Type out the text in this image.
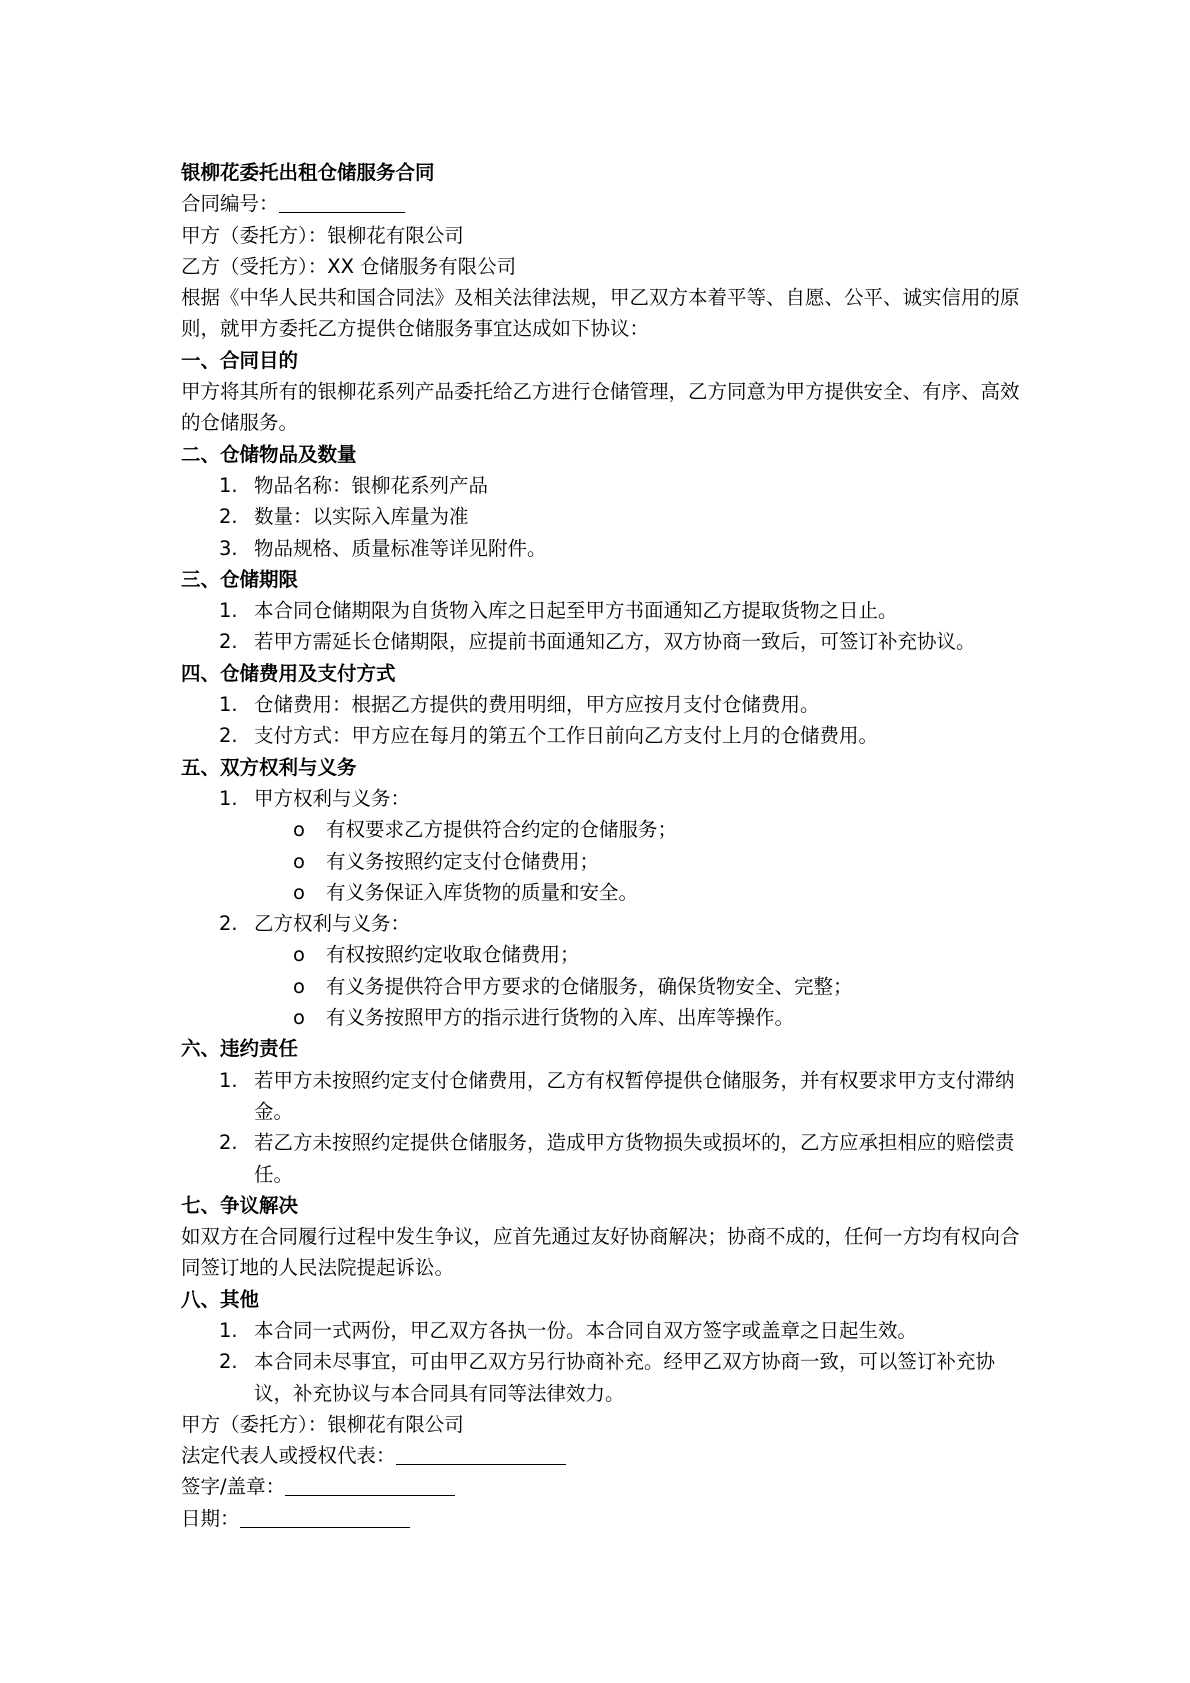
银柳花委托出租仓储服务合同

合同编号：

甲方（委托方）：银柳花有限公司

乙方（受托方）：XX 仓储服务有限公司

根据《中华人民共和国合同法》及相关法律法规，甲乙双方本着平等、自愿、公平、诚实信用的原则，就甲方委托乙方提供仓储服务事宜达成如下协议：

一、合同目的

甲方将其所有的银柳花系列产品委托给乙方进行仓储管理，乙方同意为甲方提供安全、有序、高效的仓储服务。

二、仓储物品及数量

1. 物品名称：银柳花系列产品
2. 数量：以实际入库量为准
3. 物品规格、质量标准等详见附件。

三、仓储期限

1. 本合同仓储期限为自货物入库之日起至甲方书面通知乙方提取货物之日止。
2. 若甲方需延长仓储期限，应提前书面通知乙方，双方协商一致后，可签订补充协议。

四、仓储费用及支付方式

1. 仓储费用：根据乙方提供的费用明细，甲方应按月支付仓储费用。
2. 支付方式：甲方应在每月的第五个工作日前向乙方支付上月的仓储费用。

五、双方权利与义务

1. 甲方权利与义务：
o 有权要求乙方提供符合约定的仓储服务；
o 有义务按照约定支付仓储费用；
o 有义务保证入库货物的质量和安全。
2. 乙方权利与义务：
o 有权按照约定收取仓储费用；
o 有义务提供符合甲方要求的仓储服务，确保货物安全、完整；
o 有义务按照甲方的指示进行货物的入库、出库等操作。

六、违约责任

1. 若甲方未按照约定支付仓储费用，乙方有权暂停提供仓储服务，并有权要求甲方支付滞纳金。
2. 若乙方未按照约定提供仓储服务，造成甲方货物损失或损坏的，乙方应承担相应的赔偿责任。

七、争议解决

如双方在合同履行过程中发生争议，应首先通过友好协商解决；协商不成的，任何一方均有权向合同签订地的人民法院提起诉讼。

八、其他

1. 本合同一式两份，甲乙双方各执一份。本合同自双方签字或盖章之日起生效。
2. 本合同未尽事宜，可由甲乙双方另行协商补充。经甲乙双方协商一致，可以签订补充协议，补充协议与本合同具有同等法律效力。

甲方（委托方）：银柳花有限公司

法定代表人或授权代表：

签字/盖章：

日期：
